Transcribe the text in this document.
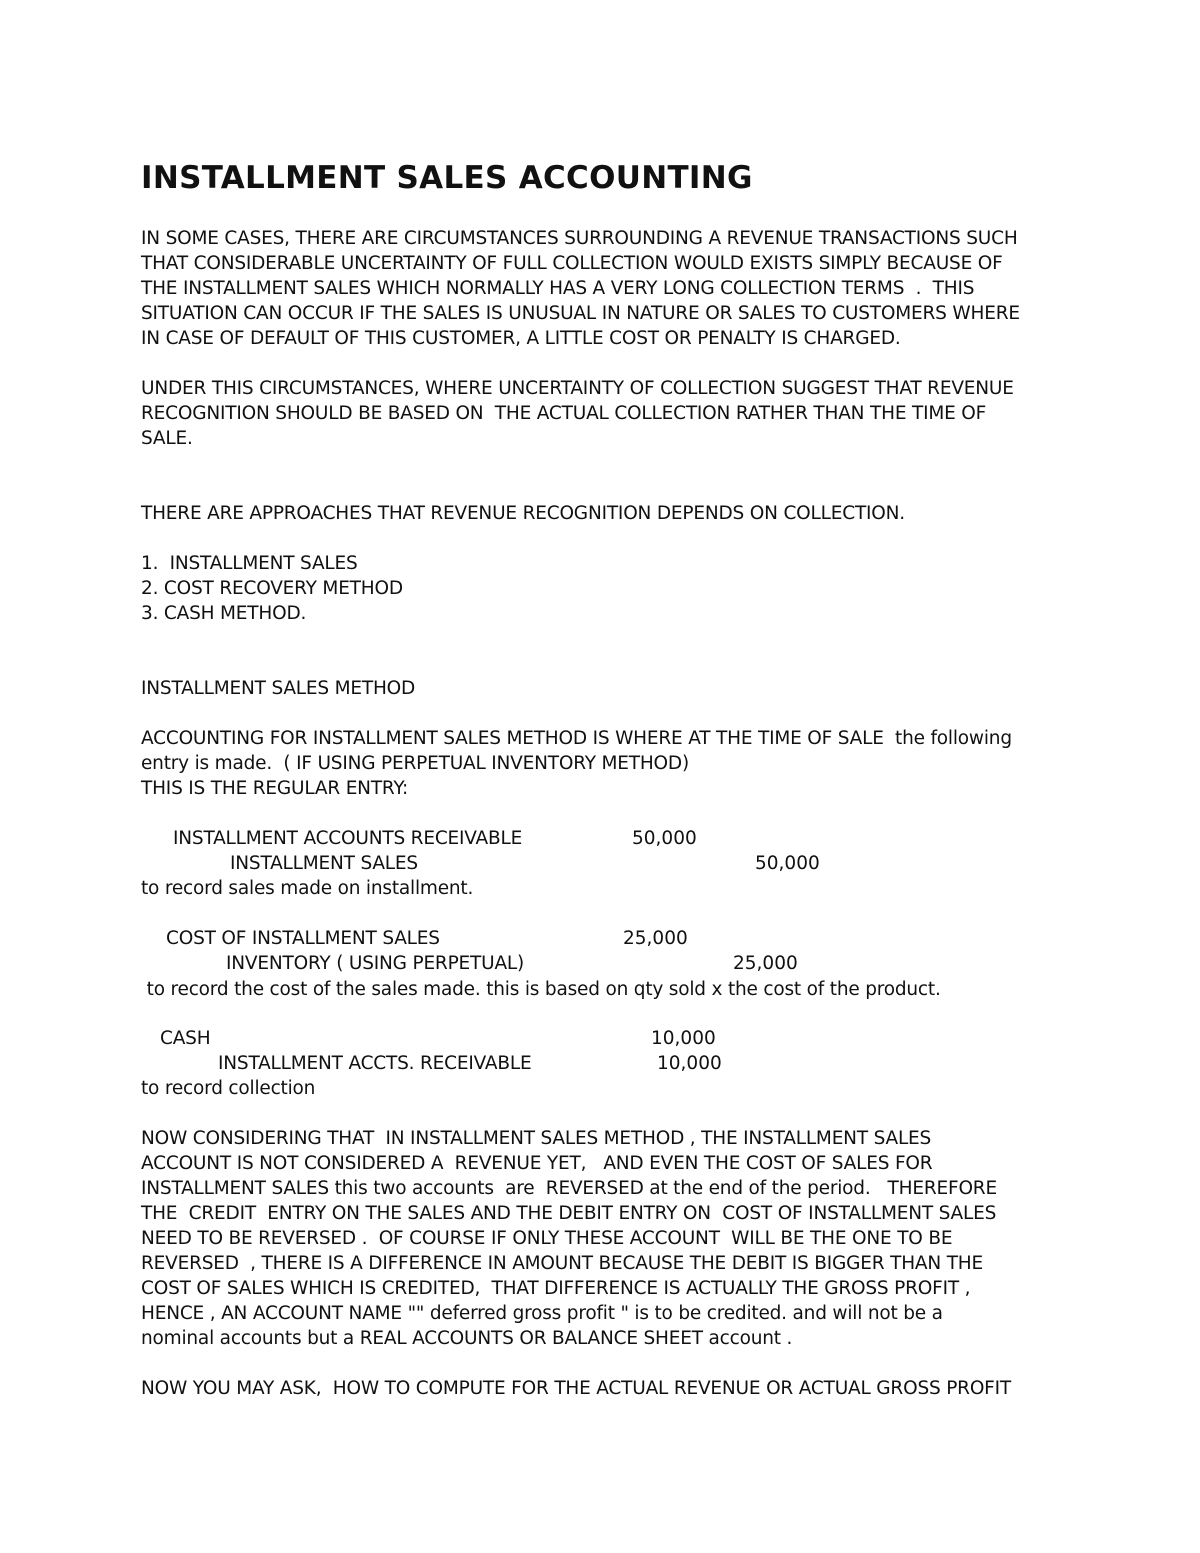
INSTALLMENT SALES ACCOUNTING
IN SOME CASES, THERE ARE CIRCUMSTANCES SURROUNDING A REVENUE TRANSACTIONS SUCH
THAT CONSIDERABLE UNCERTAINTY OF FULL COLLECTION WOULD EXISTS SIMPLY BECAUSE OF
THE INSTALLMENT SALES WHICH NORMALLY HAS A VERY LONG COLLECTION TERMS  .  THIS
SITUATION CAN OCCUR IF THE SALES IS UNUSUAL IN NATURE OR SALES TO CUSTOMERS WHERE
IN CASE OF DEFAULT OF THIS CUSTOMER, A LITTLE COST OR PENALTY IS CHARGED.
UNDER THIS CIRCUMSTANCES, WHERE UNCERTAINTY OF COLLECTION SUGGEST THAT REVENUE
RECOGNITION SHOULD BE BASED ON  THE ACTUAL COLLECTION RATHER THAN THE TIME OF
SALE.
THERE ARE APPROACHES THAT REVENUE RECOGNITION DEPENDS ON COLLECTION.
1.  INSTALLMENT SALES
2. COST RECOVERY METHOD
3. CASH METHOD.
INSTALLMENT SALES METHOD
ACCOUNTING FOR INSTALLMENT SALES METHOD IS WHERE AT THE TIME OF SALE  the following
entry is made.  ( IF USING PERPETUAL INVENTORY METHOD)
THIS IS THE REGULAR ENTRY:
INSTALLMENT ACCOUNTS RECEIVABLE	50,000
INSTALLMENT SALES	50,000
to record sales made on installment.
COST OF INSTALLMENT SALES	25,000
INVENTORY ( USING PERPETUAL)	25,000
to record the cost of the sales made. this is based on qty sold x the cost of the product.
CASH	10,000
INSTALLMENT ACCTS. RECEIVABLE	10,000
to record collection
NOW CONSIDERING THAT  IN INSTALLMENT SALES METHOD , THE INSTALLMENT SALES
ACCOUNT IS NOT CONSIDERED A  REVENUE YET,   AND EVEN THE COST OF SALES FOR
INSTALLMENT SALES this two accounts  are  REVERSED at the end of the period.   THEREFORE
THE  CREDIT  ENTRY ON THE SALES AND THE DEBIT ENTRY ON  COST OF INSTALLMENT SALES
NEED TO BE REVERSED .  OF COURSE IF ONLY THESE ACCOUNT  WILL BE THE ONE TO BE
REVERSED  , THERE IS A DIFFERENCE IN AMOUNT BECAUSE THE DEBIT IS BIGGER THAN THE
COST OF SALES WHICH IS CREDITED,  THAT DIFFERENCE IS ACTUALLY THE GROSS PROFIT ,
HENCE , AN ACCOUNT NAME "" deferred gross profit " is to be credited. and will not be a
nominal accounts but a REAL ACCOUNTS OR BALANCE SHEET account .
NOW YOU MAY ASK,  HOW TO COMPUTE FOR THE ACTUAL REVENUE OR ACTUAL GROSS PROFIT
